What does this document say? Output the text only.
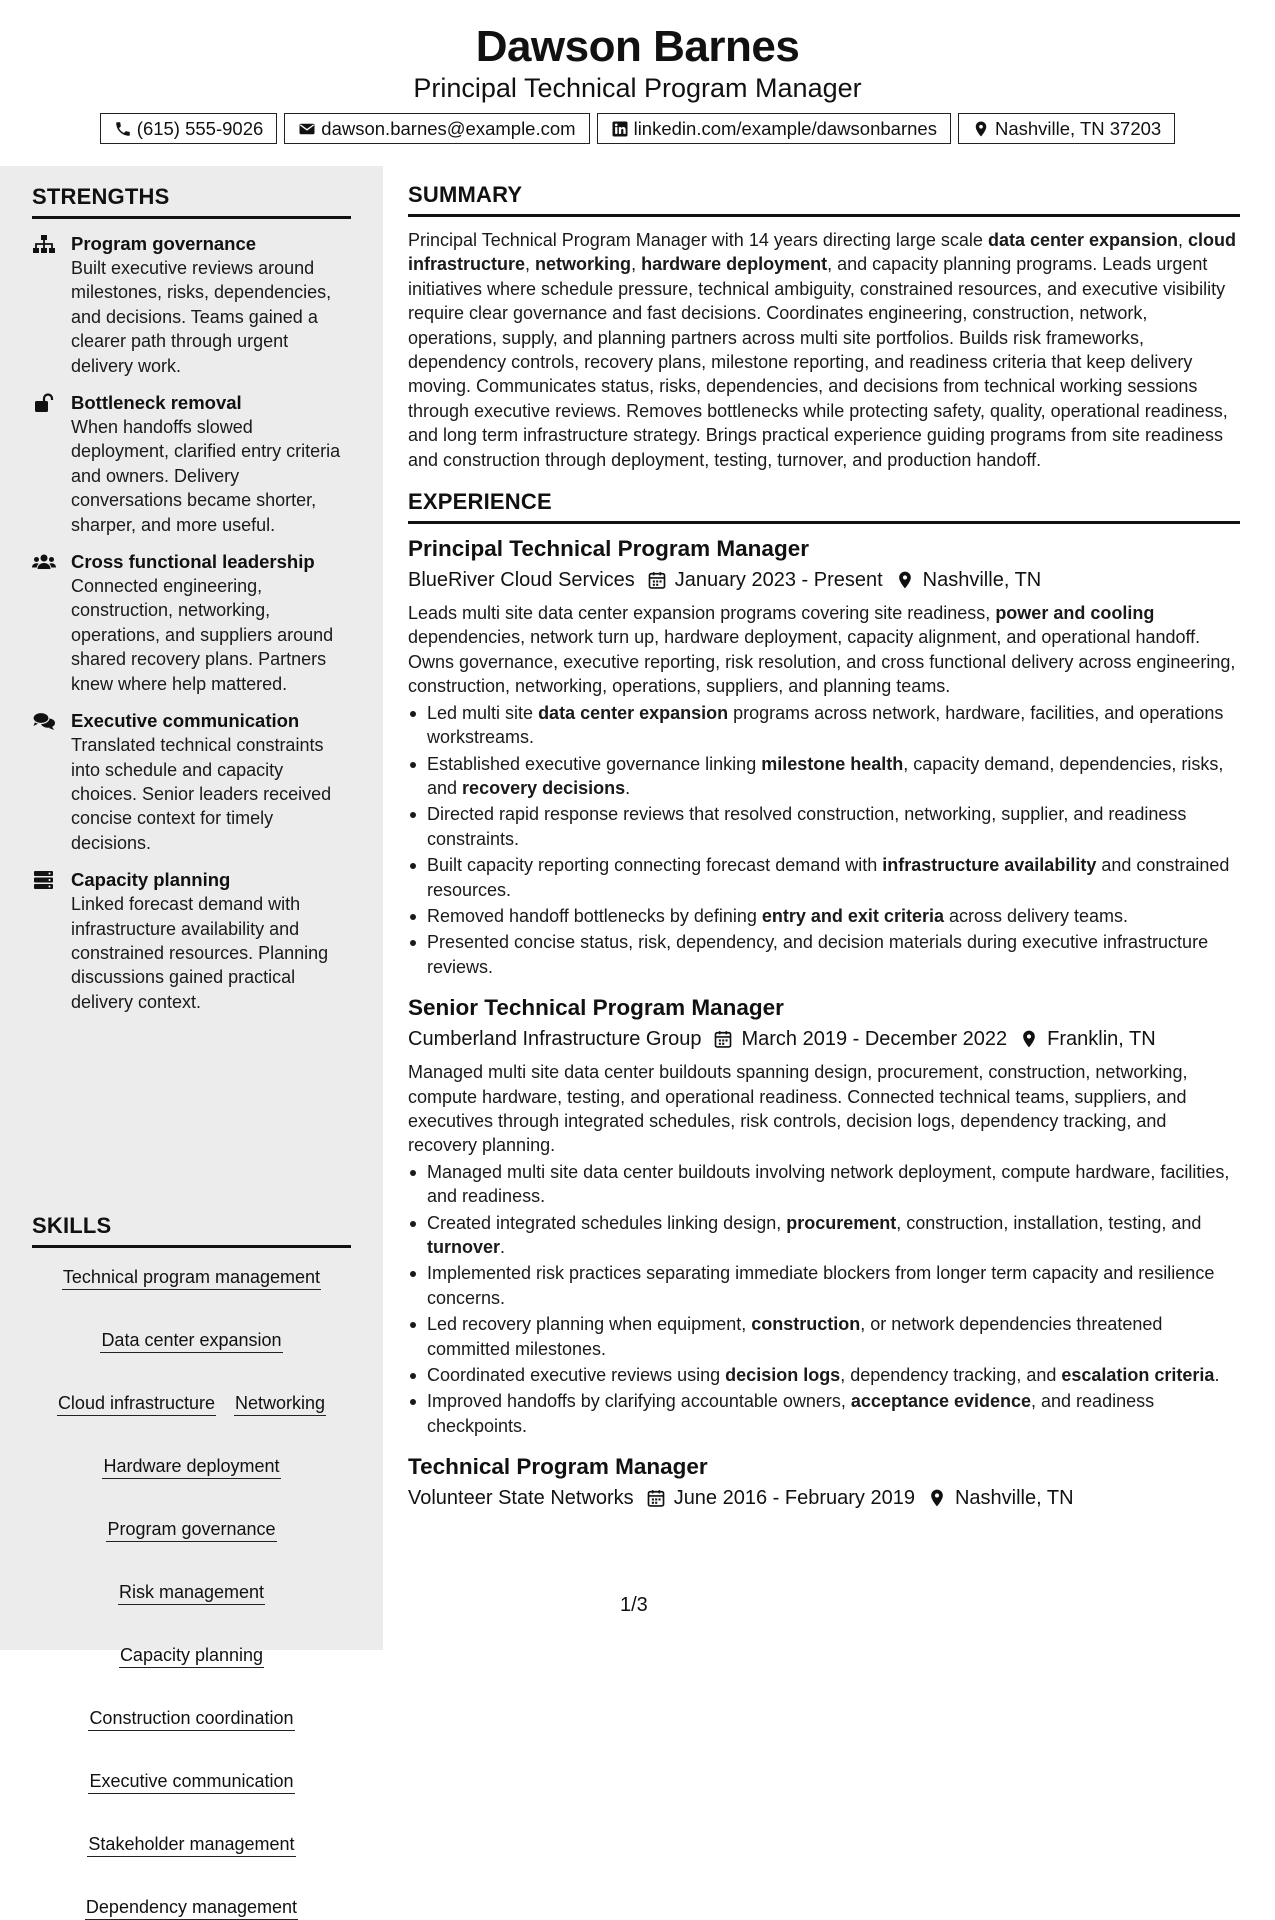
Dawson Barnes
Principal Technical Program Manager
(615) 555-9026	dawson.barnes@example.com	linkedin.com/example/dawsonbarnes	Nashville, TN 37203
STRENGTHS
Program governance

Built executive reviews around milestones, risks, dependencies, and decisions. Teams gained a clearer path through urgent delivery work.

Bottleneck removal

When handoffs slowed deployment, clarified entry criteria and owners. Delivery conversations became shorter, sharper, and more useful.

Cross functional leadership

Connected engineering, construction, networking, operations, and suppliers around shared recovery plans. Partners knew where help mattered.

Executive communication

Translated technical constraints into schedule and capacity choices. Senior leaders received concise context for timely decisions.

Capacity planning

Linked forecast demand with infrastructure availability and constrained resources. Planning discussions gained practical delivery context.

SKILLS
Technical program management
Data center expansion
Cloud infrastructure Networking
Hardware deployment
Program governance
Risk management
Capacity planning
Construction coordination
Executive communication
Stakeholder management
Dependency management
SUMMARY

Principal Technical Program Manager with 14 years directing large scale data center expansion, cloud infrastructure, networking, hardware deployment, and capacity planning programs. Leads urgent initiatives where schedule pressure, technical ambiguity, constrained resources, and executive visibility require clear governance and fast decisions. Coordinates engineering, construction, network, operations, supply, and planning partners across multi site portfolios. Builds risk frameworks, dependency controls, recovery plans, milestone reporting, and readiness criteria that keep delivery moving. Communicates status, risks, dependencies, and decisions from technical working sessions through executive reviews. Removes bottlenecks while protecting safety, quality, operational readiness, and long term infrastructure strategy. Brings practical experience guiding programs from site readiness and construction through deployment, testing, turnover, and production handoff.

EXPERIENCE
Principal Technical Program Manager
BlueRiver Cloud Services January 2023 - Present Nashville, TN

Leads multi site data center expansion programs covering site readiness, power and cooling dependencies, network turn up, hardware deployment, capacity alignment, and operational handoff. Owns governance, executive reporting, risk resolution, and cross functional delivery across engineering, construction, networking, operations, suppliers, and planning teams.

Led multi site data center expansion programs across network, hardware, facilities, and operations workstreams.
Established executive governance linking milestone health, capacity demand, dependencies, risks, and recovery decisions.
Directed rapid response reviews that resolved construction, networking, supplier, and readiness constraints.
Built capacity reporting connecting forecast demand with infrastructure availability and constrained resources.
Removed handoff bottlenecks by defining entry and exit criteria across delivery teams.
Presented concise status, risk, dependency, and decision materials during executive infrastructure reviews.
Senior Technical Program Manager
Cumberland Infrastructure Group March 2019 - December 2022 Franklin, TN

Managed multi site data center buildouts spanning design, procurement, construction, networking, compute hardware, testing, and operational readiness. Connected technical teams, suppliers, and executives through integrated schedules, risk controls, decision logs, dependency tracking, and recovery planning.

Managed multi site data center buildouts involving network deployment, compute hardware, facilities, and readiness.
Created integrated schedules linking design, procurement, construction, installation, testing, and turnover.
Implemented risk practices separating immediate blockers from longer term capacity and resilience concerns.
Led recovery planning when equipment, construction, or network dependencies threatened committed milestones.
Coordinated executive reviews using decision logs, dependency tracking, and escalation criteria.
Improved handoffs by clarifying accountable owners, acceptance evidence, and readiness checkpoints.
Technical Program Manager
Volunteer State Networks June 2016 - February 2019 Nashville, TN
1/3
